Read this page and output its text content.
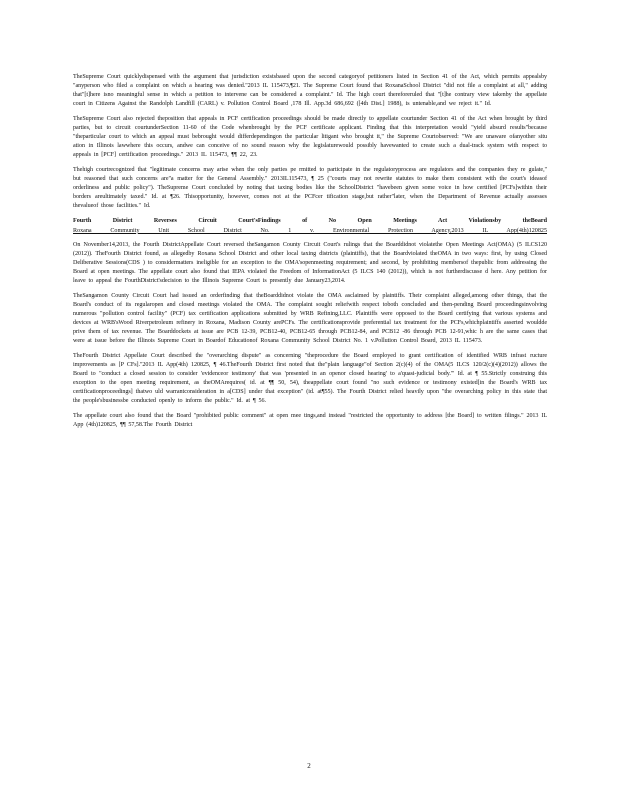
TheSupreme Court quicklydispensed with the argument that jurisdiction existsbased upon the second categoryof petitioners listed in Section 41 of the Act, which permits appealsby "anyperson who filed a complaint on which a hearing was denied."2013 IL 115473,¶21. The Supreme Court found that RoxanaSchool District "did not file a complaint at all," adding that"[t]here isno meaningful sense in which a petition to intervene can be considered a complaint." Id. The high court thereforeruled that "[t]he contrary view takenby the appellate court in Citizens Against the Randolph Landfill (CARL) v. Pollution Control Board ,178 Ill. App.3d 686,692 ([4th Dist.] 1988), is untenable,and we reject it." Id.

TheSupreme Court also rejected theposition that appeals in PCF certification proceedings should be made directly to appellate courtunder Section 41 of the Act when brought by third parties, but to circuit courtunderSection 11-60 of the Code whenbrought by the PCF certificate applicant. Finding that this interpretation would "yield absurd results"because "theparticular court to which an appeal must bebrought would differdependingon the particular litigant who brought it," the Supreme Courtobserved: "We are unaware ofanyother situ ation in Illinois lawwhere this occurs, andwe can conceive of no sound reason why the legislaturewould possibly havewanted to create such a dual-track system with respect to appeals in [PCF] certification proceedings." 2013 IL 115473, ¶¶ 22, 23.

Thehigh courtrecognized that "legitimate concerns may arise when the only parties pe rmitted to participate in the regulatoryprocess are regulators and the companies they re gulate," but reasoned that such concerns are"a matter for the General Assembly." 2013IL115473, ¶ 25 ("courts may not rewrite statutes to make them consistent with the court's ideasof orderliness and public policy"). TheSupreme Court concluded by noting that taxing bodies like the SchoolDistrict "havebeen given some voice in how certified [PCFs]within their borders areultimately taxed." Id. at ¶26. Thisopportunity, however, comes not at the PCFcer tification stage,but rather"later, when the Department of Revenue actually assesses thevalueof those facilities." Id.

Fourth District Reverses Circuit Court'sFindings of No Open Meetings Act Violationsby theBoard
Roxana Community Unit School District No. 1 v. Environmental Protection Agency,2013 IL App(4th)120825

On November14,2013, the Fourth DistrictAppellate Court reversed theSangamon County Circuit Court's rulings that the Boarddidnot violatethe Open Meetings Act(OMA) (5 ILCS120 (2012)). TheFourth District found, as allegedby Roxana School District and other local taxing districts (plaintiffs), that the Boardviolated theOMA in two ways: first, by using Closed Deliberative Sessions(CDS ) to considermatters ineligible for an exception to the OMA'sopenmeeting requirement; and second, by prohibiting membersof thepublic from addressing the Board at open meetings. The appellate court also found that IEPA violated the Freedom of InformationAct (5 ILCS 140 (2012)), which is not furtherdiscusse d here. Any petition for leave to appeal the FourthDistrict'sdecision to the Illinois Supreme Court is presently due January23,2014.

TheSangamon County Circuit Court had issued an orderfinding that theBoarddidnot violate the OMA asclaimed by plaintiffs. Their complaint alleged,among other things, that the Board's conduct of its regularopen and closed meetings violated the OMA. The complaint sought reliefwith respect toboth concluded and then-pending Board proceedingsinvolving numerous "pollution control facility" (PCF) tax certification applications submitted by WRB Refining,LLC. Plaintiffs were opposed to the Board certifying that various systems and devices at WRB'sWood Riverpetroleum refinery in Roxana, Madison County arePCFs. The certificationsprovide preferential tax treatment for the PCFs,whichplaintiffs asserted wouldde prive them of tax revenue. The Boarddockets at issue are PCB 12-39, PCB12-40, PCB12-65 through PCB12-84, and PCB12 -86 through PCB 12-91,whic h are the same cases that were at issue before the Illinois Supreme Court in Boardof Educationof Roxana Community School District No. 1 v.Pollution Control Board, 2013 IL 115473.

TheFourth District Appellate Court described the "overarching dispute" as concerning "theprocedure the Board employed to grant certification of identified WRB infrast ructure improvements as [P CFs]."2013 IL App(4th) 120825, ¶ 46.TheFourth District first noted that the"plain language"of Section 2(c)(4) of the OMA(5 ILCS 120/2(c)(4)(2012)) allows the Board to "conduct a closed session to consider 'evidenceor testimony' that was 'presented in an openor closed hearing' to a'quasi-judicial body.'" Id. at ¶ 55.Strictly construing this exception to the open meeting requirement, as theOMArequires( id. at ¶¶ 50, 54), theappellate court found "no such evidence or testimony existed[in the Board's WRB tax certificationproceedings] thatwo uld warrantconsideration in a[CDS] under that exception" (id. at¶55). The Fourth District relied heavily upon "the overarching policy in this state that the people'sbusinessbe conducted openly to inform the public." Id. at ¶ 56.

The appellate court also found that the Board "prohibited public comment" at open mee tings,and instead "restricted the opportunity to address [the Board] to written filings." 2013 IL App (4th)120825, ¶¶ 57,58.The Fourth District

2
